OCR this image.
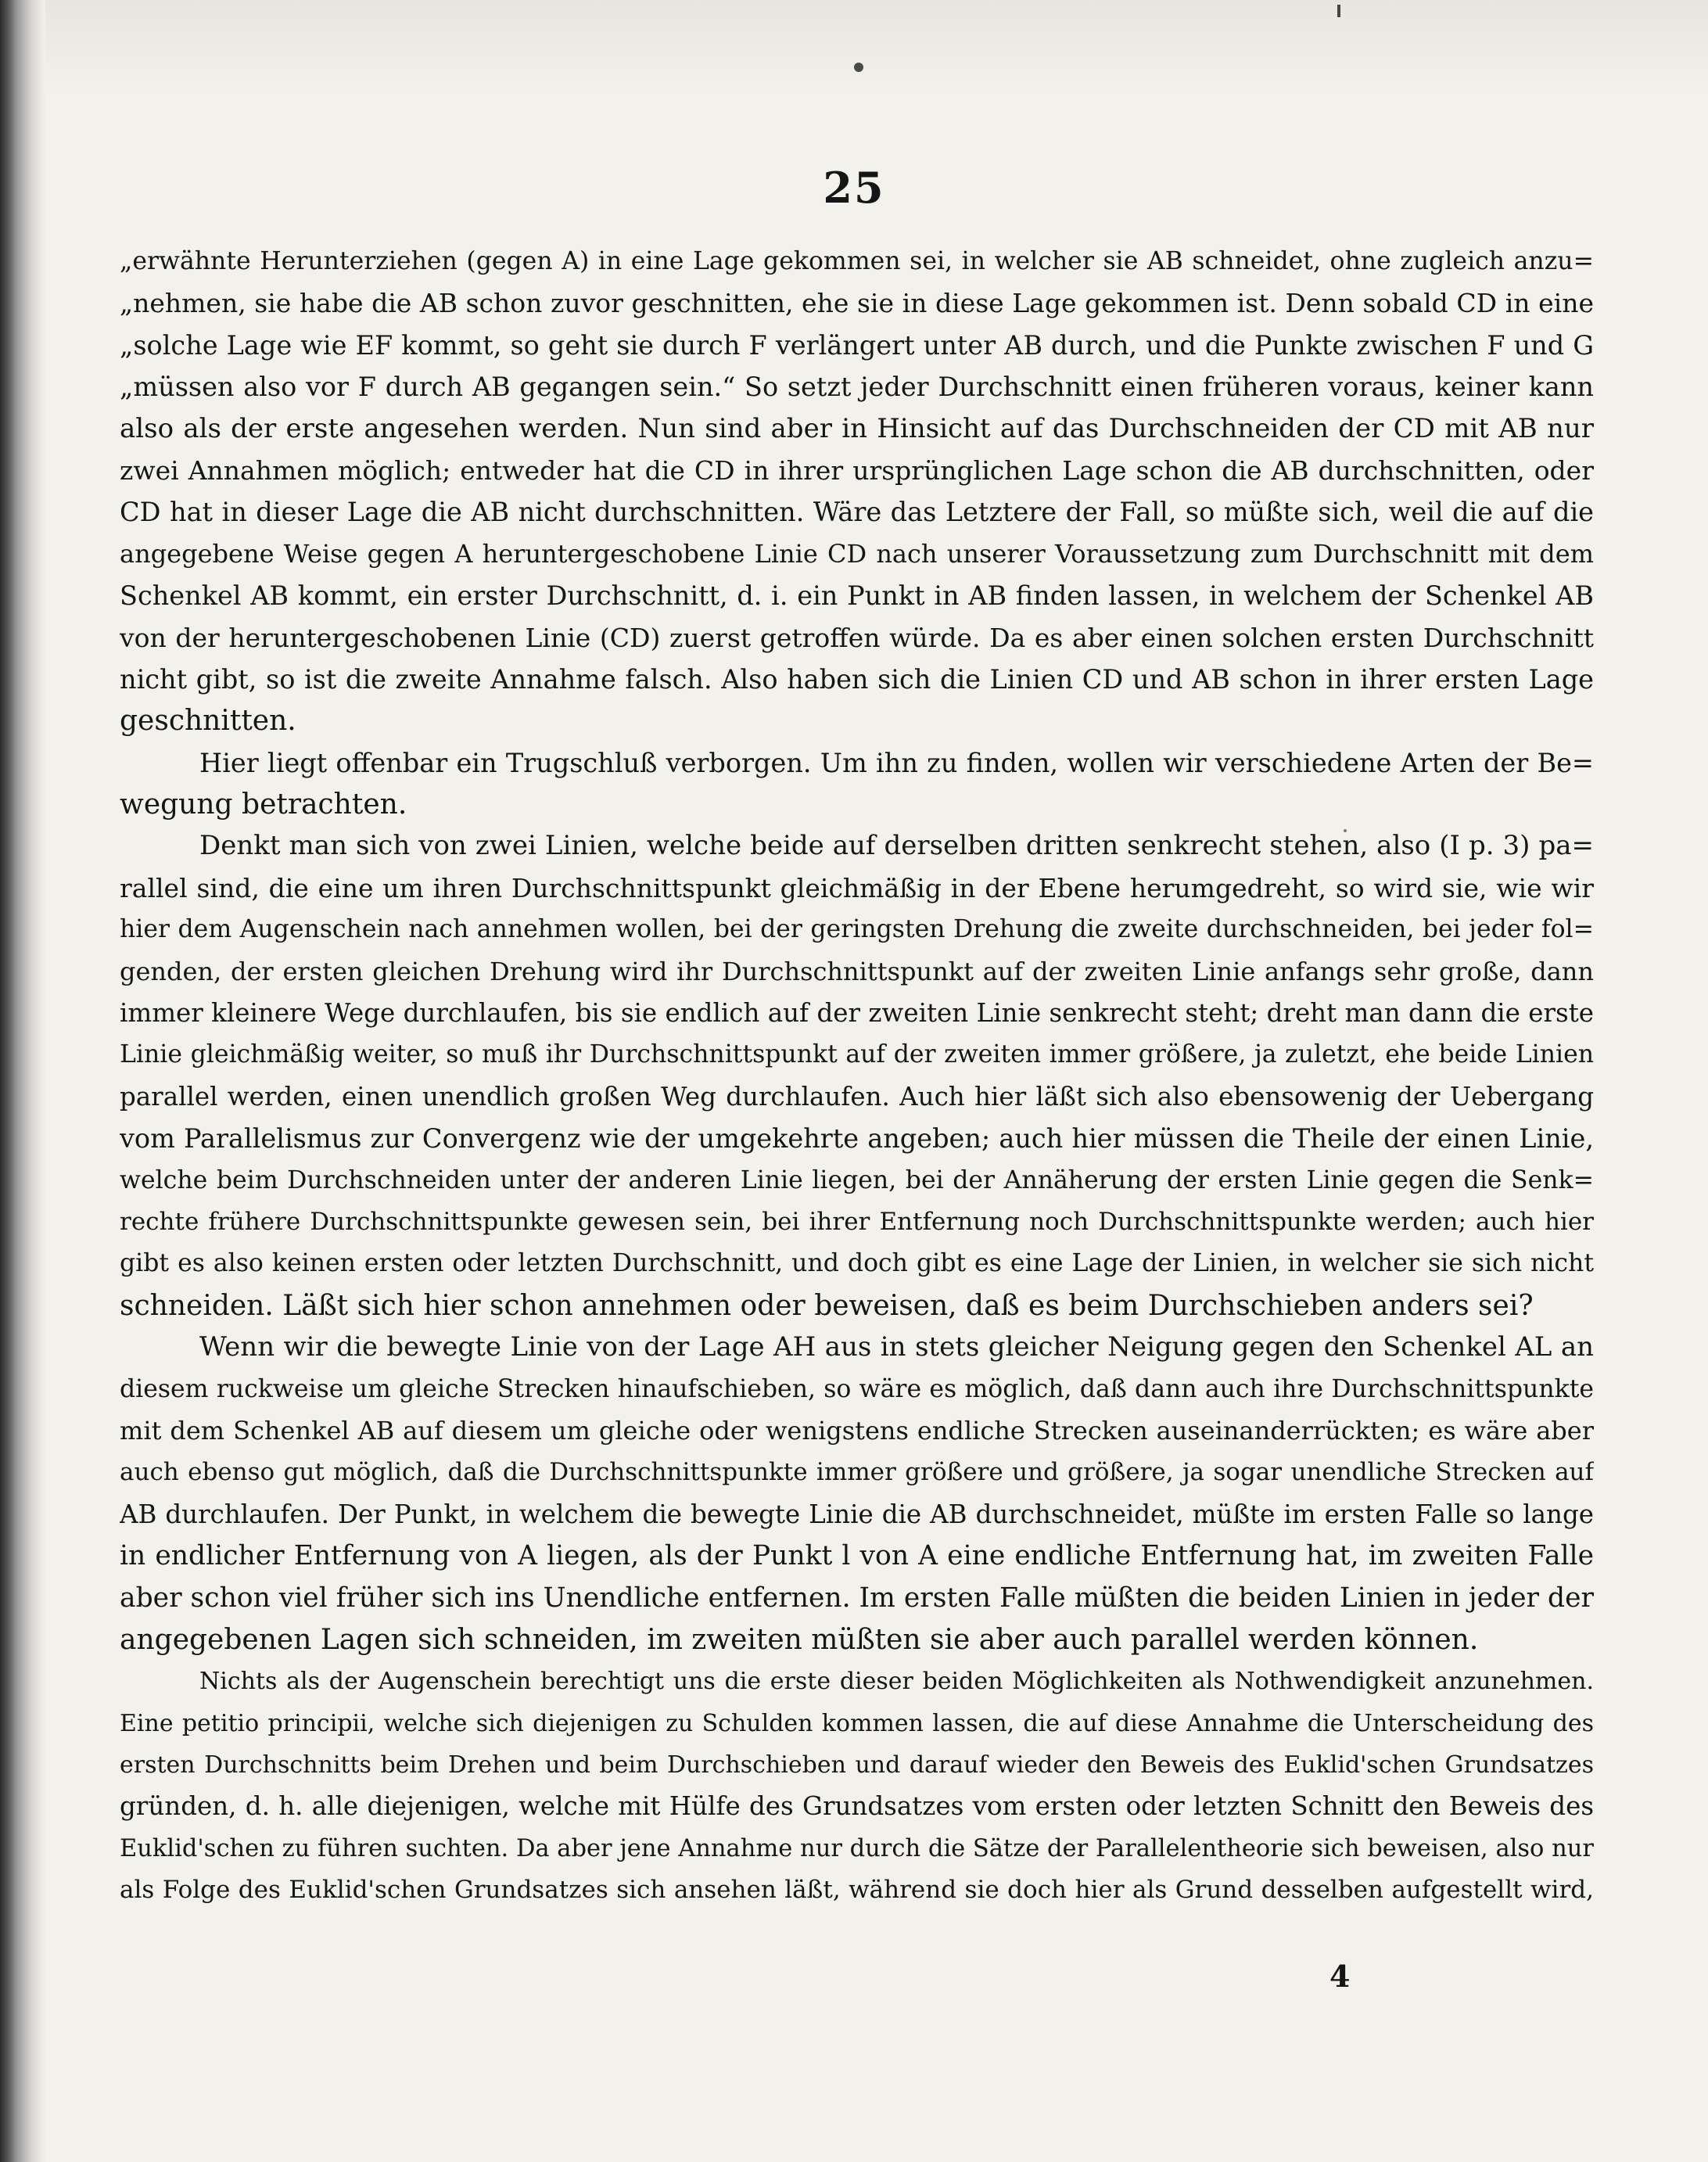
25
„erwähnte Herunterziehen (gegen A) in eine Lage gekommen sei, in welcher sie AB schneidet, ohne zugleich anzu=
„nehmen, sie habe die AB schon zuvor geschnitten, ehe sie in diese Lage gekommen ist. Denn sobald CD in eine
„solche Lage wie EF kommt, so geht sie durch F verlängert unter AB durch, und die Punkte zwischen F und G
„müssen also vor F durch AB gegangen sein.“ So setzt jeder Durchschnitt einen früheren voraus, keiner kann
also als der erste angesehen werden. Nun sind aber in Hinsicht auf das Durchschneiden der CD mit AB nur
zwei Annahmen möglich; entweder hat die CD in ihrer ursprünglichen Lage schon die AB durchschnitten, oder
CD hat in dieser Lage die AB nicht durchschnitten. Wäre das Letztere der Fall, so müßte sich, weil die auf die
angegebene Weise gegen A heruntergeschobene Linie CD nach unserer Voraussetzung zum Durchschnitt mit dem
Schenkel AB kommt, ein erster Durchschnitt, d. i. ein Punkt in AB finden lassen, in welchem der Schenkel AB
von der heruntergeschobenen Linie (CD) zuerst getroffen würde. Da es aber einen solchen ersten Durchschnitt
nicht gibt, so ist die zweite Annahme falsch. Also haben sich die Linien CD und AB schon in ihrer ersten Lage
geschnitten.
Hier liegt offenbar ein Trugschluß verborgen. Um ihn zu finden, wollen wir verschiedene Arten der Be=
wegung betrachten.
Denkt man sich von zwei Linien, welche beide auf derselben dritten senkrecht stehen, also (I p. 3) pa=
rallel sind, die eine um ihren Durchschnittspunkt gleichmäßig in der Ebene herumgedreht, so wird sie, wie wir
hier dem Augenschein nach annehmen wollen, bei der geringsten Drehung die zweite durchschneiden, bei jeder fol=
genden, der ersten gleichen Drehung wird ihr Durchschnittspunkt auf der zweiten Linie anfangs sehr große, dann
immer kleinere Wege durchlaufen, bis sie endlich auf der zweiten Linie senkrecht steht; dreht man dann die erste
Linie gleichmäßig weiter, so muß ihr Durchschnittspunkt auf der zweiten immer größere, ja zuletzt, ehe beide Linien
parallel werden, einen unendlich großen Weg durchlaufen. Auch hier läßt sich also ebensowenig der Uebergang
vom Parallelismus zur Convergenz wie der umgekehrte angeben; auch hier müssen die Theile der einen Linie,
welche beim Durchschneiden unter der anderen Linie liegen, bei der Annäherung der ersten Linie gegen die Senk=
rechte frühere Durchschnittspunkte gewesen sein, bei ihrer Entfernung noch Durchschnittspunkte werden; auch hier
gibt es also keinen ersten oder letzten Durchschnitt, und doch gibt es eine Lage der Linien, in welcher sie sich nicht
schneiden. Läßt sich hier schon annehmen oder beweisen, daß es beim Durchschieben anders sei?
Wenn wir die bewegte Linie von der Lage AH aus in stets gleicher Neigung gegen den Schenkel AL an
diesem ruckweise um gleiche Strecken hinaufschieben, so wäre es möglich, daß dann auch ihre Durchschnittspunkte
mit dem Schenkel AB auf diesem um gleiche oder wenigstens endliche Strecken auseinanderrückten; es wäre aber
auch ebenso gut möglich, daß die Durchschnittspunkte immer größere und größere, ja sogar unendliche Strecken auf
AB durchlaufen. Der Punkt, in welchem die bewegte Linie die AB durchschneidet, müßte im ersten Falle so lange
in endlicher Entfernung von A liegen, als der Punkt l von A eine endliche Entfernung hat, im zweiten Falle
aber schon viel früher sich ins Unendliche entfernen. Im ersten Falle müßten die beiden Linien in jeder der
angegebenen Lagen sich schneiden, im zweiten müßten sie aber auch parallel werden können.
Nichts als der Augenschein berechtigt uns die erste dieser beiden Möglichkeiten als Nothwendigkeit anzunehmen.
Eine petitio principii, welche sich diejenigen zu Schulden kommen lassen, die auf diese Annahme die Unterscheidung des
ersten Durchschnitts beim Drehen und beim Durchschieben und darauf wieder den Beweis des Euklid'schen Grundsatzes
gründen, d. h. alle diejenigen, welche mit Hülfe des Grundsatzes vom ersten oder letzten Schnitt den Beweis des
Euklid'schen zu führen suchten. Da aber jene Annahme nur durch die Sätze der Parallelentheorie sich beweisen, also nur
als Folge des Euklid'schen Grundsatzes sich ansehen läßt, während sie doch hier als Grund desselben aufgestellt wird,
4
